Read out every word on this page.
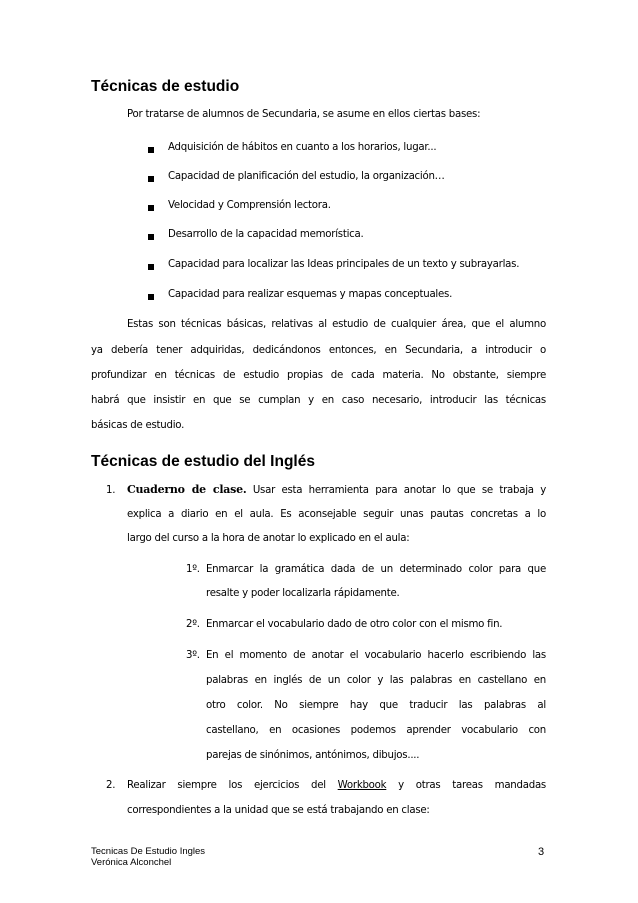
Técnicas de estudio
Por tratarse de alumnos de Secundaria, se asume en ellos ciertas bases:
Adquisición de hábitos en cuanto a los horarios, lugar...
Capacidad de planificación del estudio, la organización…
Velocidad y Comprensión lectora.
Desarrollo de la capacidad memorística.
Capacidad para localizar las Ideas principales de un texto y subrayarlas.
Capacidad para realizar esquemas y mapas conceptuales.
Estas son técnicas básicas, relativas al estudio de cualquier área, que el alumno
ya debería tener adquiridas, dedicándonos entonces, en Secundaria, a introducir o
profundizar en técnicas de estudio propias de cada materia. No obstante, siempre
habrá que insistir en que se cumplan y en caso necesario, introducir las técnicas
básicas de estudio.
Técnicas de estudio del Inglés
1. Cuaderno de clase. Usar esta herramienta para anotar lo que se trabaja y
explica a diario en el aula. Es aconsejable seguir unas pautas concretas a lo
largo del curso a la hora de anotar lo explicado en el aula:
1º. Enmarcar la gramática dada de un determinado color para que
resalte y poder localizarla rápidamente.
2º. Enmarcar el vocabulario dado de otro color con el mismo fin.
3º. En el momento de anotar el vocabulario hacerlo escribiendo las
palabras en inglés de un color y las palabras en castellano en
otro color. No siempre hay que traducir las palabras al
castellano, en ocasiones podemos aprender vocabulario con
parejas de sinónimos, antónimos, dibujos....
2. Realizar siempre los ejercicios del Workbook y otras tareas mandadas
correspondientes a la unidad que se está trabajando en clase:
Tecnicas De Estudio Ingles
Verónica Alconchel
3
